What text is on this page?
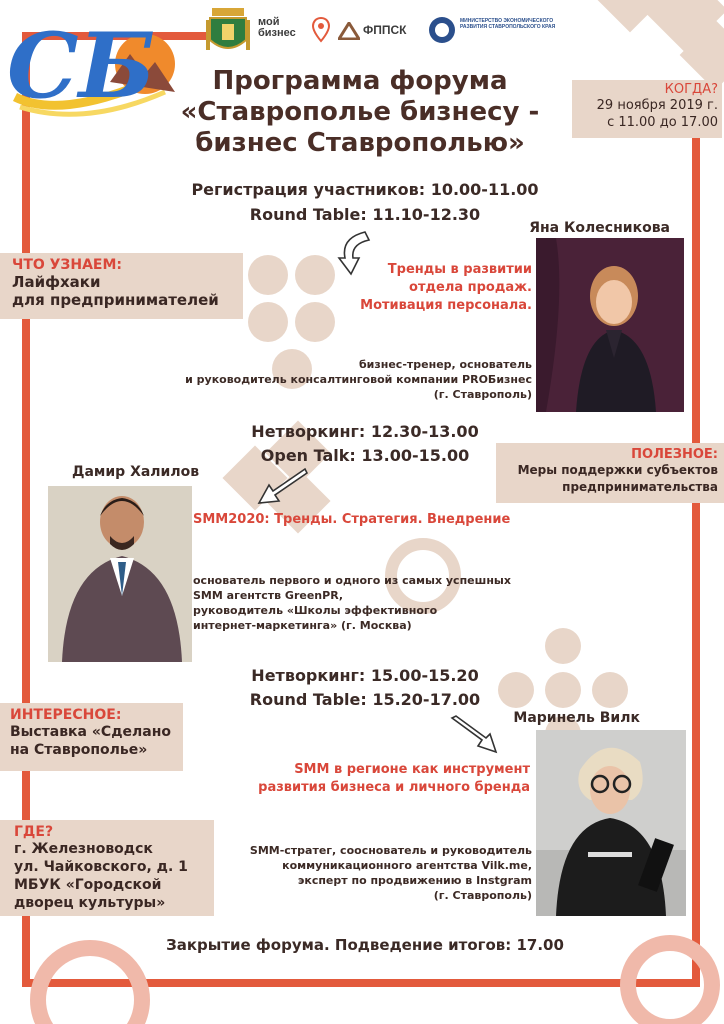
СБ	мой бизнес	ФППСК
МИНИСТЕРСТВО ЭКОНОМИЧЕСКОГО РАЗВИТИЯ СТАВРОПОЛЬСКОГО КРАЯ
Программа форума
«Ставрополье бизнесу -
бизнес Ставрополью»
КОГДА?
29 ноября 2019 г.
с 11.00 до 17.00
Регистрация участников: 10.00-11.00
Round Table: 11.10-12.30
Яна Колесникова
Тренды в развитии
отдела продаж.
Мотивация персонала.
бизнес-тренер, основатель
и руководитель консалтинговой компании PROБизнес
(г. Ставрополь)
ЧТО УЗНАЕМ:
Лайфхаки
для предпринимателей
Нетворкинг: 12.30-13.00
Open Talk: 13.00-15.00	ПОЛЕЗНОЕ:
Меры поддержки субъектов
предпринимательства
Дамир Халилов
SMM2020: Тренды. Стратегия. Внедрение
основатель первого и одного из самых успешных
SMM агентств GreenPR,
руководитель «Школы эффективного
интернет-маркетинга» (г. Москва)
Нетворкинг: 15.00-15.20
Round Table: 15.20-17.00
ИНТЕРЕСНОЕ:
Выставка «Сделано
на Ставрополье»
Маринель Вилк
SMM в регионе как инструмент
развития бизнеса и личного бренда
SMM-стратег, сооснователь и руководитель
коммуникационного агентства Vilk.me,
эксперт по продвижению в Instgram
(г. Ставрополь)
ГДЕ?
г. Железноводск
ул. Чайковского, д. 1
МБУК «Городской
дворец культуры»
Закрытие форума. Подведение итогов: 17.00
